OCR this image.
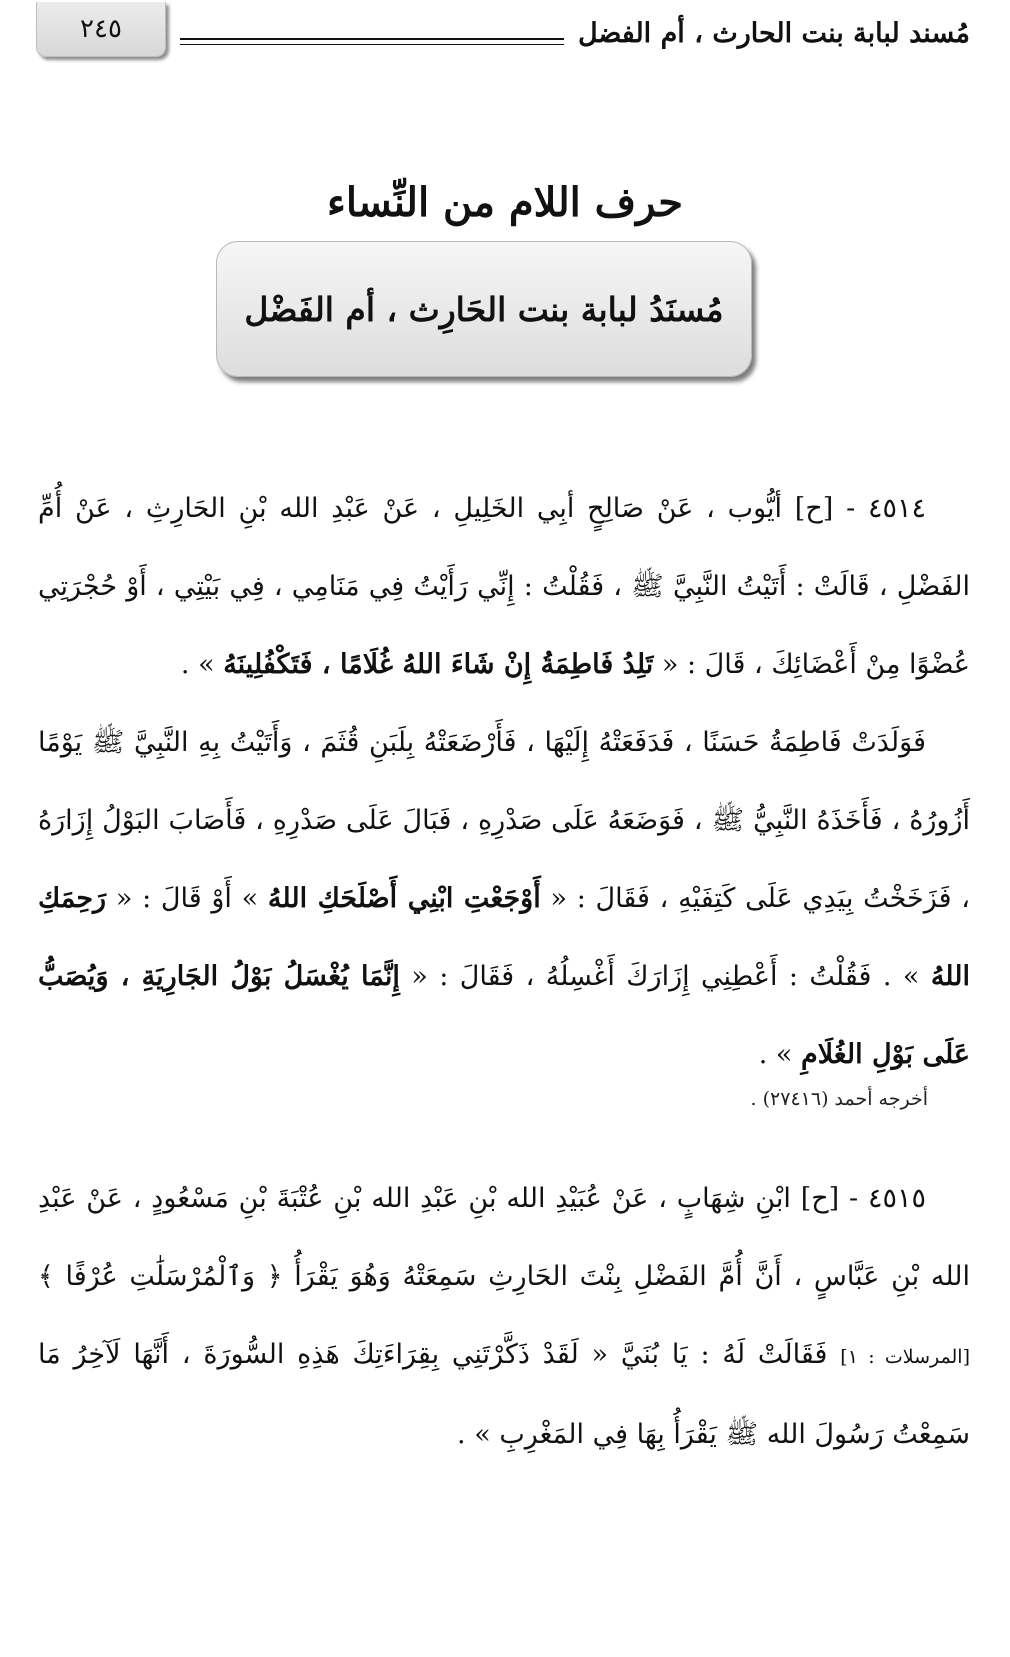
٢٤٥	مُسند لبابة بنت الحارث ، أم الفضل
حرف اللام من النِّساء
مُسنَدُ لبابة بنت الحَارِث ، أم الفَضْل

٤٥١٤ - [ح] أيُّوب ، عَنْ صَالِحٍ أبِي الخَلِيلِ ، عَنْ عَبْدِ الله بْنِ الحَارِثِ ، عَنْ أُمِّ الفَضْلِ ، قَالَتْ : أَتَيْتُ النَّبِيَّ ﷺ ، فَقُلْتُ : إِنِّي رَأَيْتُ فِي مَنَامِي ، فِي بَيْتِي ، أَوْ حُجْرَتِي عُضْوًا مِنْ أَعْضَائِكَ ، قَالَ : « تَلِدُ فَاطِمَةُ إِنْ شَاءَ اللهُ غُلَامًا ، فَتَكْفُلِينَهُ » .

فَوَلَدَتْ فَاطِمَةُ حَسَنًا ، فَدَفَعَتْهُ إِلَيْهَا ، فَأَرْضَعَتْهُ بِلَبَنِ قُثَمَ ، وَأَتَيْتُ بِهِ النَّبِيَّ ﷺ يَوْمًا أَزُورُهُ ، فَأَخَذَهُ النَّبِيُّ ﷺ ، فَوَضَعَهُ عَلَى صَدْرِهِ ، فَبَالَ عَلَى صَدْرِهِ ، فَأَصَابَ البَوْلُ إِزَارَهُ ، فَزَخَخْتُ بِيَدِي عَلَى كَتِفَيْهِ ، فَقَالَ : « أَوْجَعْتِ ابْنِي أَصْلَحَكِ اللهُ » أَوْ قَالَ : « رَحِمَكِ اللهُ » . فَقُلْتُ : أَعْطِنِي إِزَارَكَ أَغْسِلُهُ ، فَقَالَ : « إِنَّمَا يُغْسَلُ بَوْلُ الجَارِيَةِ ، وَيُصَبُّ عَلَى بَوْلِ الغُلَامِ » .

أخرجه أحمد (٢٧٤١٦) .

٤٥١٥ - [ح] ابْنِ شِهَابٍ ، عَنْ عُبَيْدِ الله بْنِ عَبْدِ الله بْنِ عُتْبَةَ بْنِ مَسْعُودٍ ، عَنْ عَبْدِ الله بْنِ عَبَّاسٍ ، أَنَّ أُمَّ الفَضْلِ بِنْتَ الحَارِثِ سَمِعَتْهُ وَهُوَ يَقْرَأُ ﴿ وَٱلْمُرْسَلَٰتِ عُرْفًا ﴾ [المرسلات : ١] فَقَالَتْ لَهُ : يَا بُنَيَّ « لَقَدْ ذَكَّرْتَنِي بِقِرَاءَتِكَ هَذِهِ السُّورَةَ ، أَنَّهَا لَآخِرُ مَا سَمِعْتُ رَسُولَ الله ﷺ يَقْرَأُ بِهَا فِي المَغْرِبِ » .
